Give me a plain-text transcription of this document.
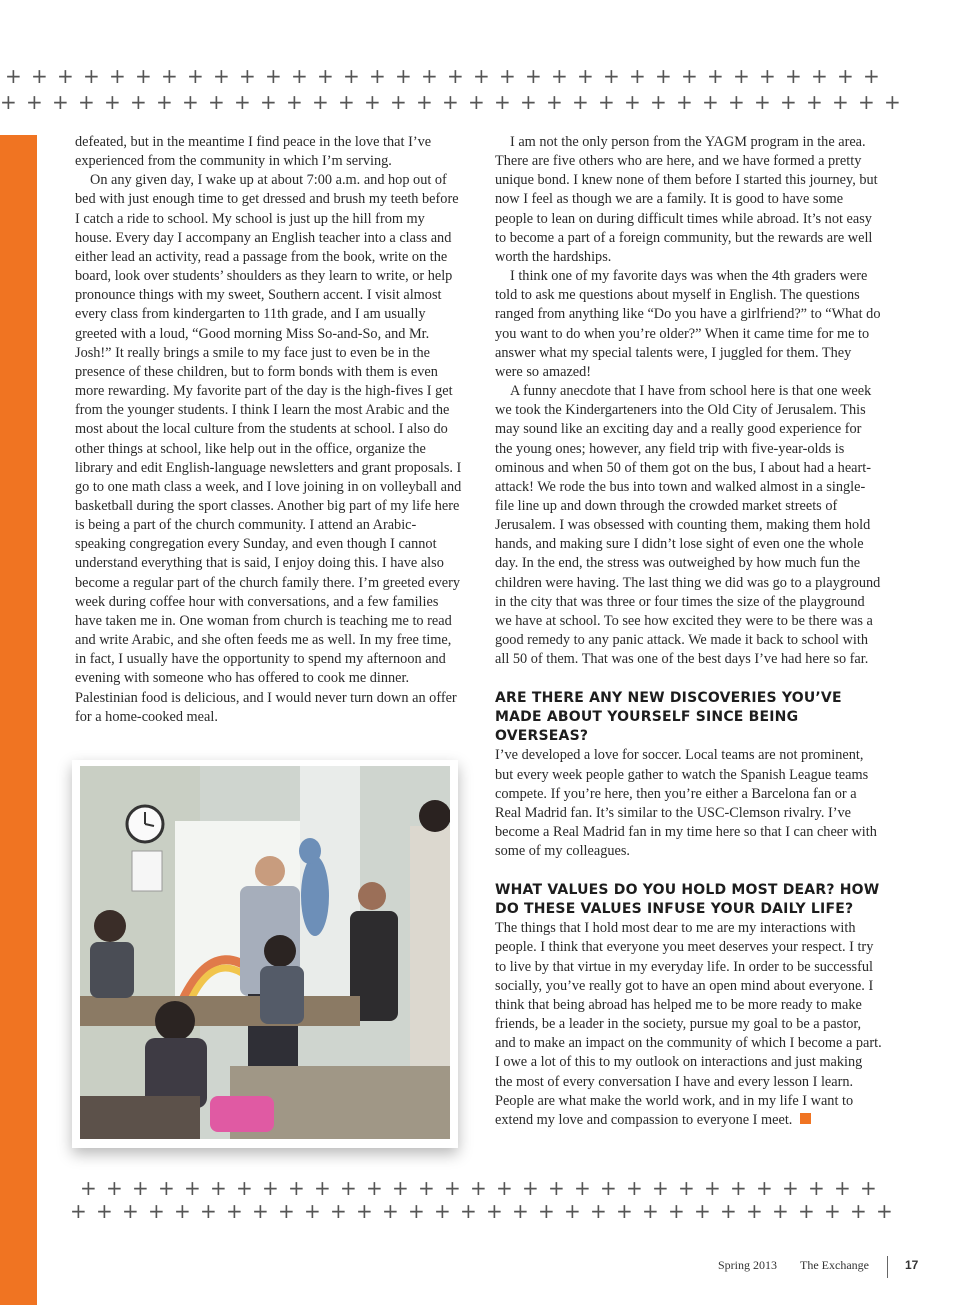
+ + + + + + + + + + + + + + + + + + + + + + + + + + + + + + + + + +
+ + + + + + + + + + + + + + + + + + + + + + + + + + + + + + + + + + +
+ + + + + + + + + + + + + + + + + + + + + + + + + + + + + + +
+ + + + + + + + + + + + + + + + + + + + + + + + + + + + + + + +

defeated, but in the meantime I find peace in the love that I’ve experienced from the community in which I’m serving.

On any given day, I wake up at about 7:00 a.m. and hop out of bed with just enough time to get dressed and brush my teeth before I catch a ride to school. My school is just up the hill from my house. Every day I accompany an English teacher into a class and either lead an activity, read a passage from the book, write on the board, look over students’ shoulders as they learn to write, or help pronounce things with my sweet, Southern accent. I visit almost every class from kindergarten to 11th grade, and I am usually greeted with a loud, “Good morning Miss So-and-So, and Mr. Josh!” It really brings a smile to my face just to even be in the presence of these children, but to form bonds with them is even more rewarding. My favorite part of the day is the high-fives I get from the younger students. I think I learn the most Arabic and the most about the local culture from the students at school. I also do other things at school, like help out in the office, organize the library and edit English-language newsletters and grant proposals. I go to one math class a week, and I love joining in on volleyball and basketball during the sport classes. Another big part of my life here is being a part of the church community. I attend an Arabic-speaking congregation every Sunday, and even though I cannot understand everything that is said, I enjoy doing this. I have also become a regular part of the church family there. I’m greeted every week during coffee hour with conversations, and a few families have taken me in. One woman from church is teaching me to read and write Arabic, and she often feeds me as well. In my free time, in fact, I usually have the opportunity to spend my afternoon and evening with someone who has offered to cook me dinner. Palestinian food is delicious, and I would never turn down an offer for a home-cooked meal.

I am not the only person from the YAGM program in the area. There are five others who are here, and we have formed a pretty unique bond. I knew none of them before I started this journey, but now I feel as though we are a family. It is good to have some people to lean on during difficult times while abroad. It’s not easy to become a part of a foreign community, but the rewards are well worth the hardships.

I think one of my favorite days was when the 4th graders were told to ask me questions about myself in English. The questions ranged from anything like “Do you have a girlfriend?” to “What do you want to do when you’re older?” When it came time for me to answer what my special talents were, I juggled for them. They were so amazed!

A funny anecdote that I have from school here is that one week we took the Kindergarteners into the Old City of Jerusalem. This may sound like an exciting day and a really good experience for the young ones; however, any field trip with five-year-olds is ominous and when 50 of them got on the bus, I about had a heart-attack! We rode the bus into town and walked almost in a single-file line up and down through the crowded market streets of Jerusalem. I was obsessed with counting them, making them hold hands, and making sure I didn’t lose sight of even one the whole day. In the end, the stress was outweighed by how much fun the children were having. The last thing we did was go to a playground in the city that was three or four times the size of the playground we have at school. To see how excited they were to be there was a good remedy to any panic attack. We made it back to school with all 50 of them. That was one of the best days I’ve had here so far.

ARE THERE ANY NEW DISCOVERIES YOU’VE MADE ABOUT YOURSELF SINCE BEING OVERSEAS?

I’ve developed a love for soccer. Local teams are not prominent, but every week people gather to watch the Spanish League teams compete. If you’re here, then you’re either a Barcelona fan or a Real Madrid fan. It’s similar to the USC-Clemson rivalry. I’ve become a Real Madrid fan in my time here so that I can cheer with some of my colleagues.

WHAT VALUES DO YOU HOLD MOST DEAR? HOW DO THESE VALUES INFUSE YOUR DAILY LIFE?

The things that I hold most dear to me are my interactions with people. I think that everyone you meet deserves your respect. I try to live by that virtue in my everyday life. In order to be successful socially, you’ve really got to have an open mind about everyone. I think that being abroad has helped me to be more ready to make friends, be a leader in the society, pursue my goal to be a pastor, and to make an impact on the community of which I become a part. I owe a lot of this to my outlook on interactions and just making the most of every conversation I have and every lesson I learn. People are what make the world work, and in my life I want to extend my love and compassion to everyone I meet.

Spring 2013 The Exchange	17
